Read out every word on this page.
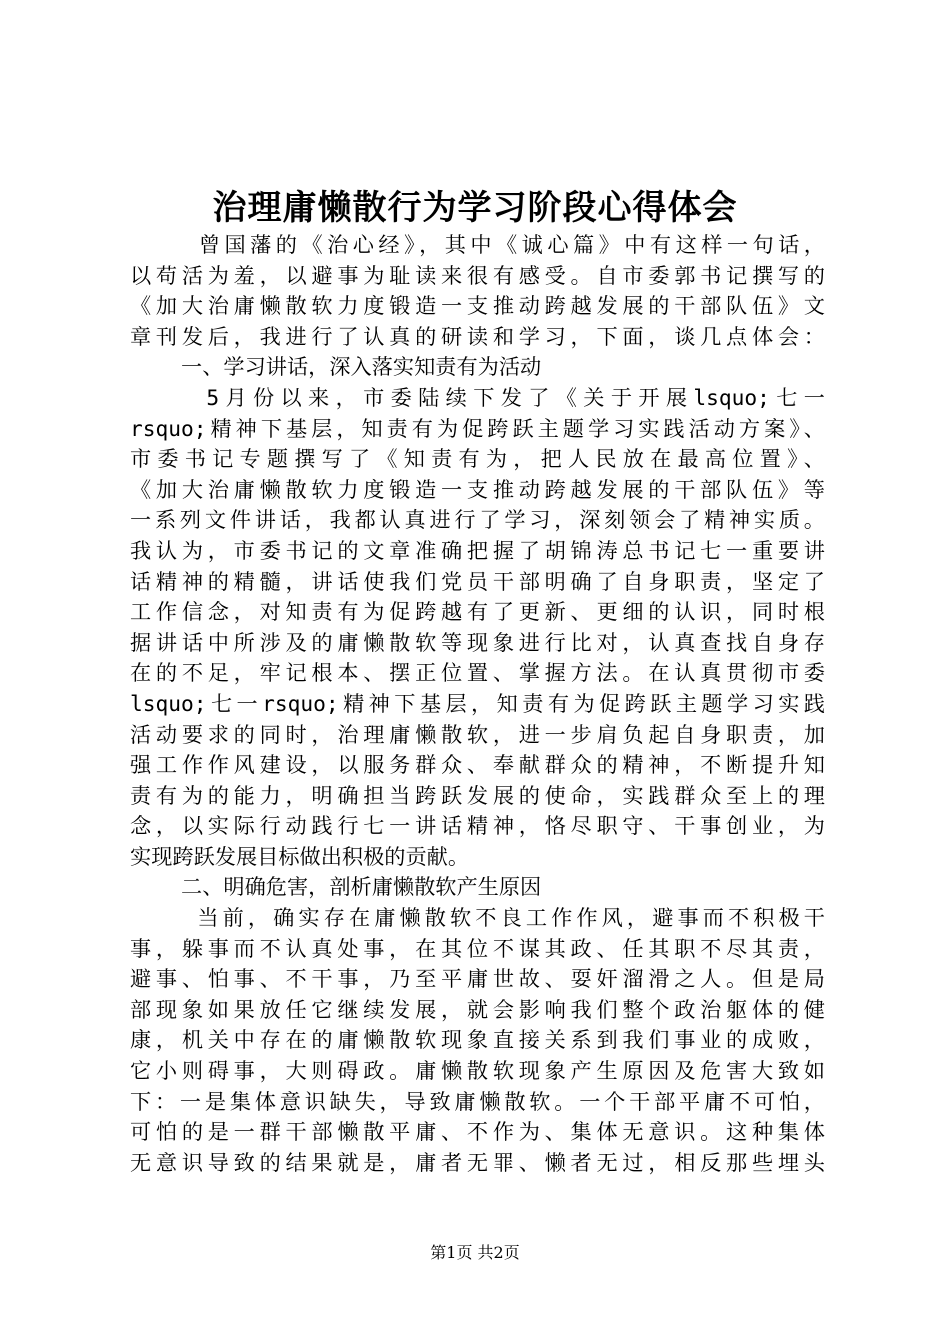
治理庸懒散行为学习阶段心得体会
曾国藩的《治心经》，其中《诚心篇》中有这样一句话，
以苟活为羞，以避事为耻读来很有感受。自市委郭书记撰写的
《加大治庸懒散软力度锻造一支推动跨越发展的干部队伍》文
章刊发后，我进行了认真的研读和学习，下面，谈几点体会：
一、学习讲话，深入落实知责有为活动
5月份以来，市委陆续下发了《关于开展lsquo;七一
rsquo;精神下基层，知责有为促跨跃主题学习实践活动方案》、
市委书记专题撰写了《知责有为，把人民放在最高位置》、
《加大治庸懒散软力度锻造一支推动跨越发展的干部队伍》等
一系列文件讲话，我都认真进行了学习，深刻领会了精神实质。
我认为，市委书记的文章准确把握了胡锦涛总书记七一重要讲
话精神的精髓，讲话使我们党员干部明确了自身职责，坚定了
工作信念，对知责有为促跨越有了更新、更细的认识，同时根
据讲话中所涉及的庸懒散软等现象进行比对，认真查找自身存
在的不足，牢记根本、摆正位置、掌握方法。在认真贯彻市委
lsquo;七一rsquo;精神下基层，知责有为促跨跃主题学习实践
活动要求的同时，治理庸懒散软，进一步肩负起自身职责，加
强工作作风建设，以服务群众、奉献群众的精神，不断提升知
责有为的能力，明确担当跨跃发展的使命，实践群众至上的理
念，以实际行动践行七一讲话精神，恪尽职守、干事创业，为
实现跨跃发展目标做出积极的贡献。
二、明确危害，剖析庸懒散软产生原因
当前，确实存在庸懒散软不良工作作风，避事而不积极干
事，躲事而不认真处事，在其位不谋其政、任其职不尽其责，
避事、怕事、不干事，乃至平庸世故、耍奸溜滑之人。但是局
部现象如果放任它继续发展，就会影响我们整个政治躯体的健
康，机关中存在的庸懒散软现象直接关系到我们事业的成败，
它小则碍事，大则碍政。庸懒散软现象产生原因及危害大致如
下：一是集体意识缺失，导致庸懒散软。一个干部平庸不可怕，
可怕的是一群干部懒散平庸、不作为、集体无意识。这种集体
无意识导致的结果就是，庸者无罪、懒者无过，相反那些埋头
第1页 共2页
